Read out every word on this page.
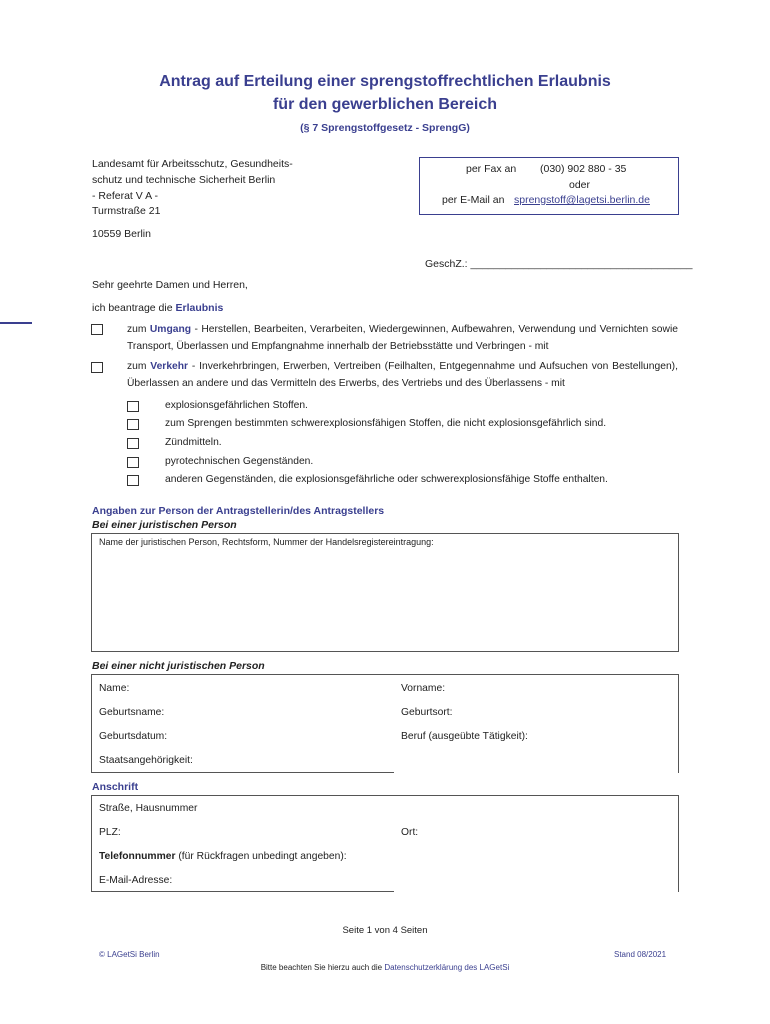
Antrag auf Erteilung einer sprengstoffrechtlichen Erlaubnis
für den gewerblichen Bereich
(§ 7 Sprengstoffgesetz - SprengG)
Landesamt für Arbeitsschutz, Gesundheits-
schutz und technische Sicherheit Berlin
- Referat V A -
Turmstraße 21
10559 Berlin
per Fax an (030) 902 880 - 35
oder
per E-Mail an sprengstoff@lagetsi.berlin.de
GeschZ.: ______________________________________
Sehr geehrte Damen und Herren,
ich beantrage die Erlaubnis
zum Umgang - Herstellen, Bearbeiten, Verarbeiten, Wiedergewinnen, Aufbewahren, Verwendung und Vernichten sowie Transport, Überlassen und Empfangnahme innerhalb der Betriebsstätte und Verbringen - mit
zum Verkehr - Inverkehrbringen, Erwerben, Vertreiben (Feilhalten, Entgegennahme und Aufsuchen von Bestellungen), Überlassen an andere und das Vermitteln des Erwerbs, des Vertriebs und des Überlassens - mit
explosionsgefährlichen Stoffen.
zum Sprengen bestimmten schwerexplosionsfähigen Stoffen, die nicht explosionsgefährlich sind.
Zündmitteln.
pyrotechnischen Gegenständen.
anderen Gegenständen, die explosionsgefährliche oder schwerexplosionsfähige Stoffe enthalten.
Angaben zur Person der Antragstellerin/des Antragstellers
Bei einer juristischen Person
Name der juristischen Person, Rechtsform, Nummer der Handelsregistereintragung:
Bei einer nicht juristischen Person
Name:	Vorname:
Geburtsname:	Geburtsort:
Geburtsdatum:	Beruf (ausgeübte Tätigkeit):
Staatsangehörigkeit:
Anschrift
Straße, Hausnummer
PLZ:	Ort:
Telefonnummer (für Rückfragen unbedingt angeben):
E-Mail-Adresse:
Seite 1 von 4 Seiten
© LAGetSi Berlin	Stand 08/2021
Bitte beachten Sie hierzu auch die Datenschutzerklärung des LAGetSi
